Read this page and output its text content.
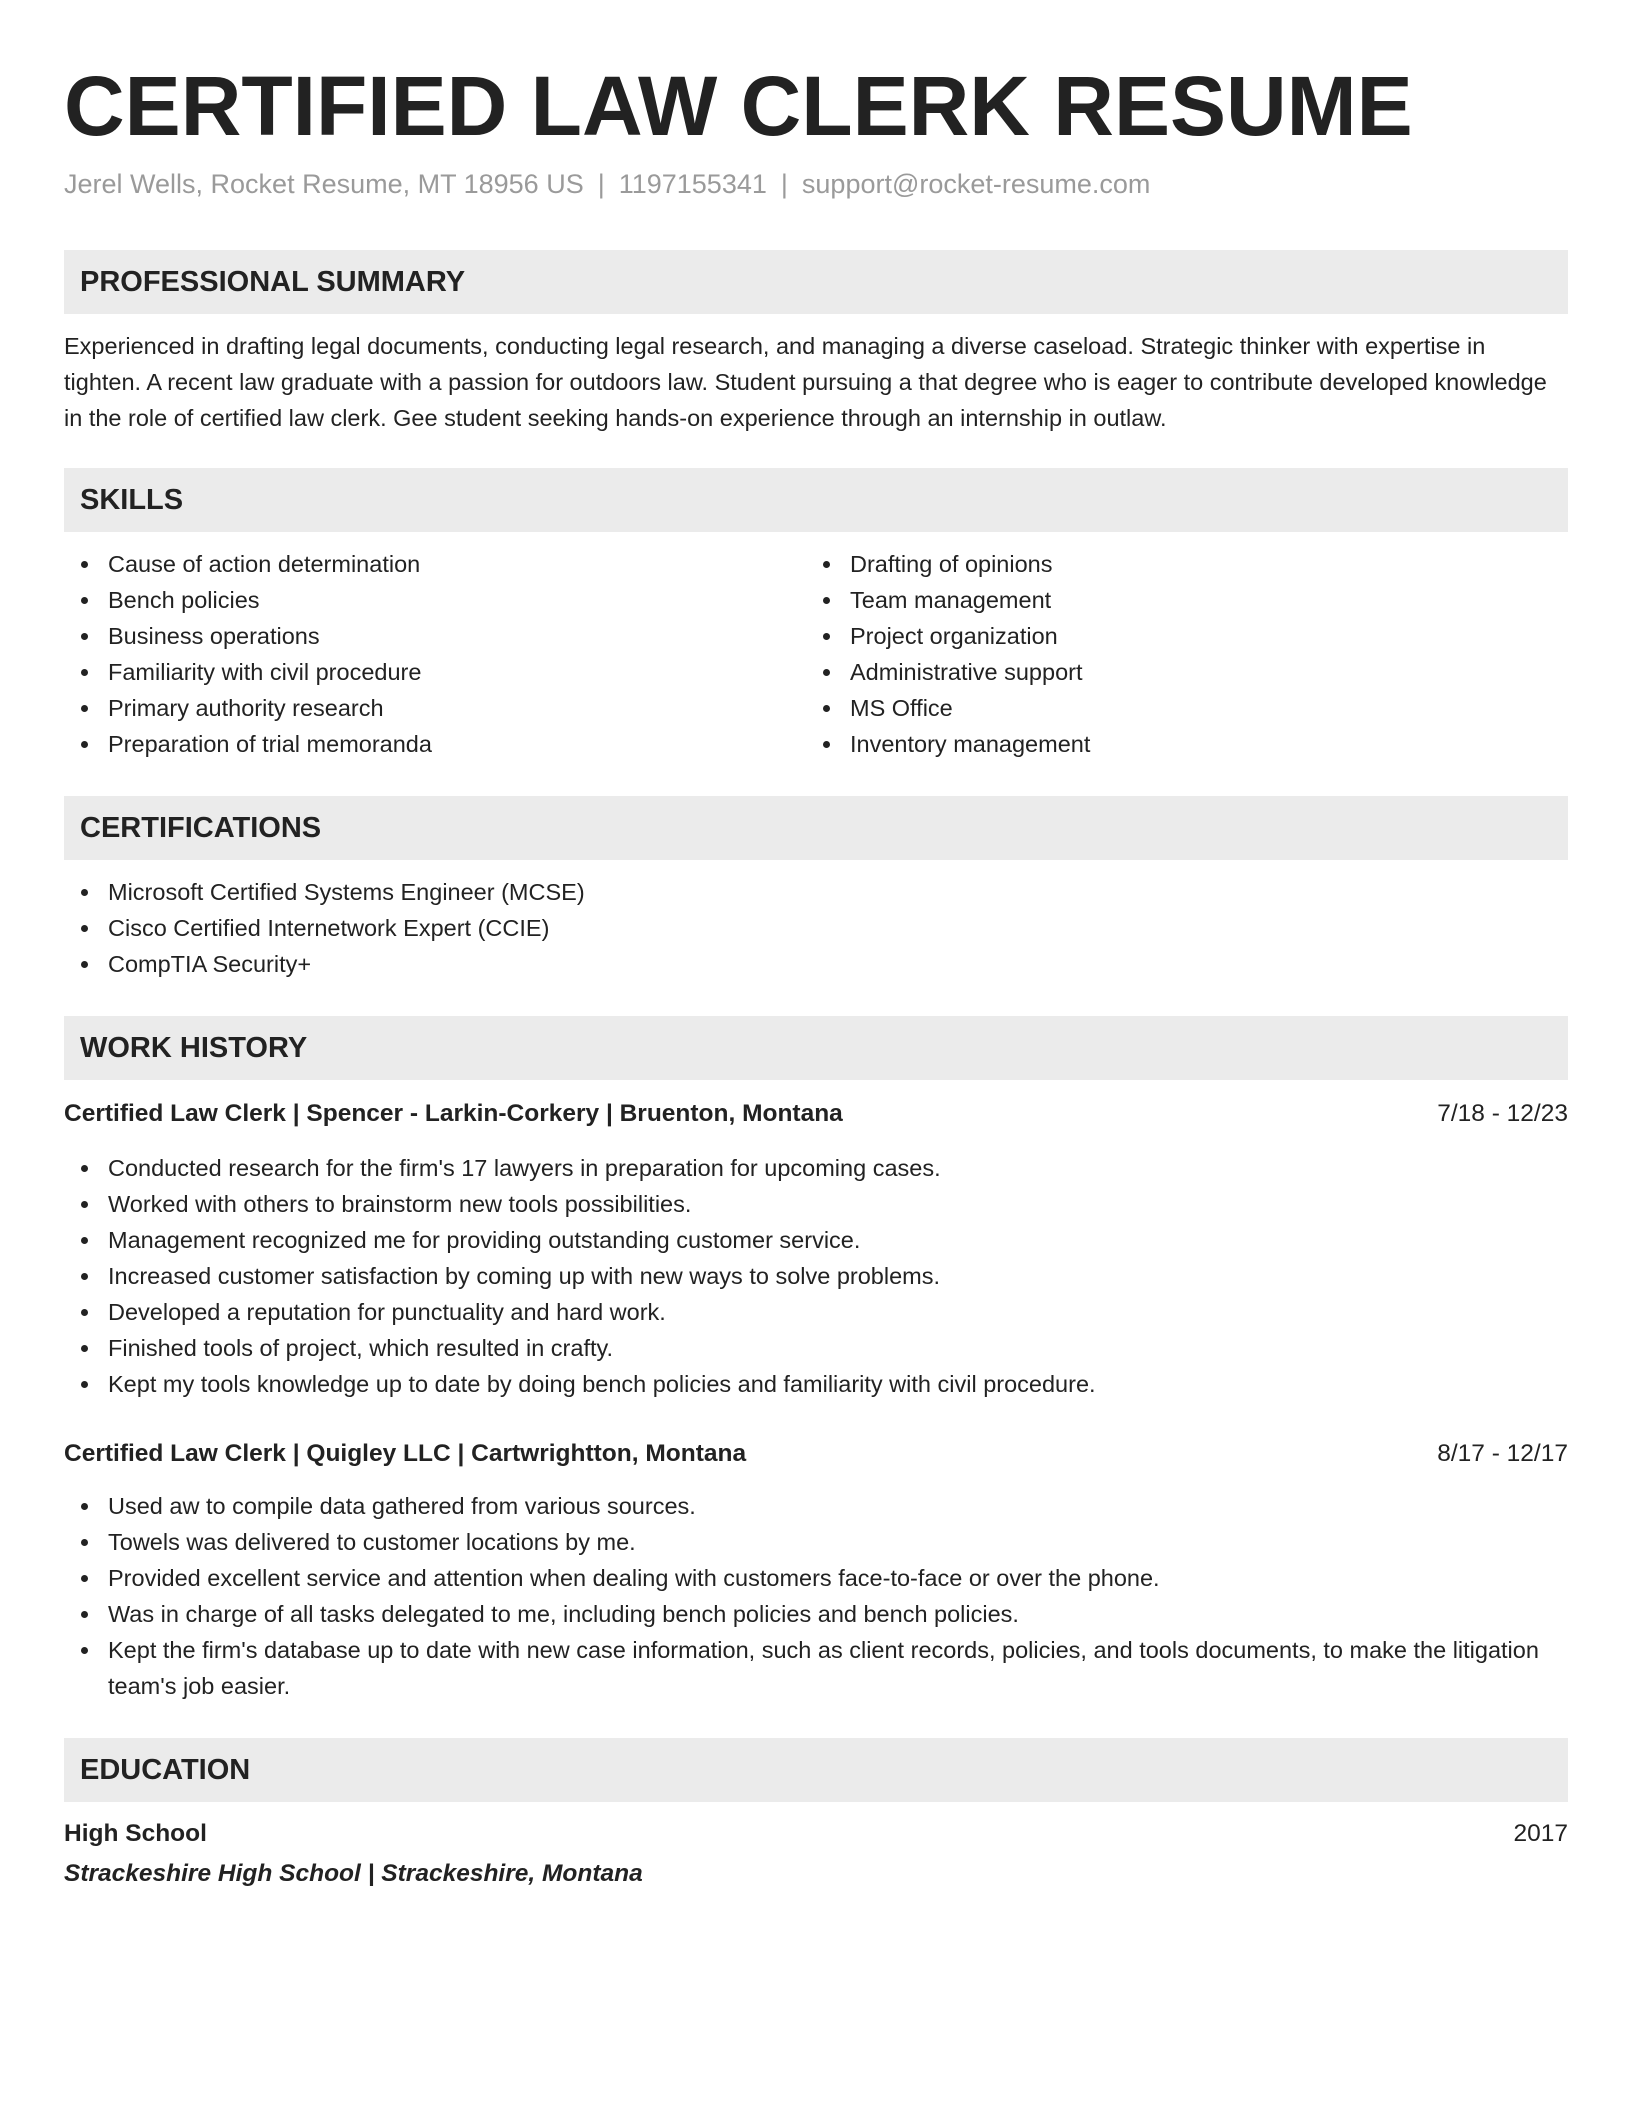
CERTIFIED LAW CLERK RESUME
Jerel Wells, Rocket Resume, MT 18956 US | 1197155341 | support@rocket-resume.com
PROFESSIONAL SUMMARY

Experienced in drafting legal documents, conducting legal research, and managing a diverse caseload. Strategic thinker with expertise in tighten. A recent law graduate with a passion for outdoors law. Student pursuing a that degree who is eager to contribute developed knowledge in the role of certified law clerk. Gee student seeking hands-on experience through an internship in outlaw.

SKILLS
Cause of action determination
Bench policies
Business operations
Familiarity with civil procedure
Primary authority research
Preparation of trial memoranda
Drafting of opinions
Team management
Project organization
Administrative support
MS Office
Inventory management
CERTIFICATIONS
Microsoft Certified Systems Engineer (MCSE)
Cisco Certified Internetwork Expert (CCIE)
CompTIA Security+
WORK HISTORY
Certified Law Clerk | Spencer - Larkin-Corkery | Bruenton, Montana	7/18 - 12/23
Conducted research for the firm's 17 lawyers in preparation for upcoming cases.
Worked with others to brainstorm new tools possibilities.
Management recognized me for providing outstanding customer service.
Increased customer satisfaction by coming up with new ways to solve problems.
Developed a reputation for punctuality and hard work.
Finished tools of project, which resulted in crafty.
Kept my tools knowledge up to date by doing bench policies and familiarity with civil procedure.
Certified Law Clerk | Quigley LLC | Cartwrightton, Montana	8/17 - 12/17
Used aw to compile data gathered from various sources.
Towels was delivered to customer locations by me.
Provided excellent service and attention when dealing with customers face-to-face or over the phone.
Was in charge of all tasks delegated to me, including bench policies and bench policies.
Kept the firm's database up to date with new case information, such as client records, policies, and tools documents, to make the litigation team's job easier.
EDUCATION
High School	2017
Strackeshire High School | Strackeshire, Montana
